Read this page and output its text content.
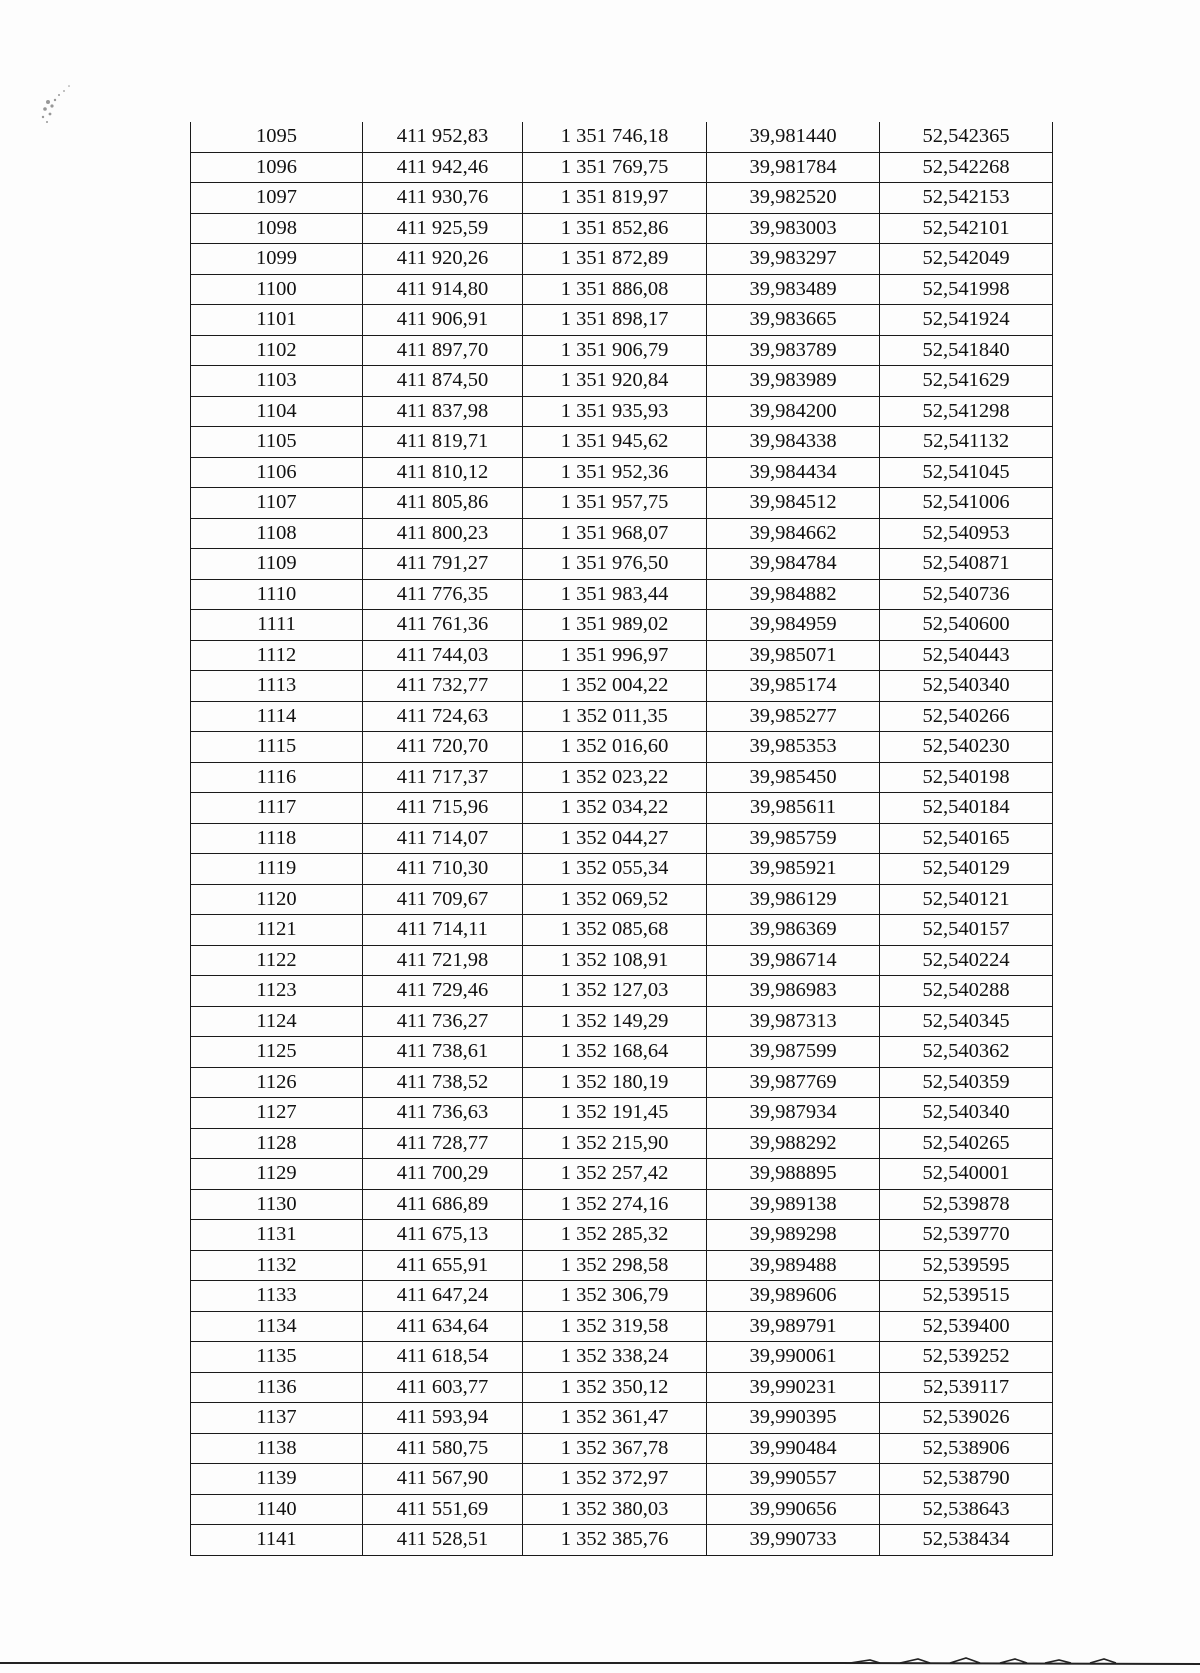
1095	411 952,83	1 351 746,18	39,981440	52,542365
1096	411 942,46	1 351 769,75	39,981784	52,542268
1097	411 930,76	1 351 819,97	39,982520	52,542153
1098	411 925,59	1 351 852,86	39,983003	52,542101
1099	411 920,26	1 351 872,89	39,983297	52,542049
1100	411 914,80	1 351 886,08	39,983489	52,541998
1101	411 906,91	1 351 898,17	39,983665	52,541924
1102	411 897,70	1 351 906,79	39,983789	52,541840
1103	411 874,50	1 351 920,84	39,983989	52,541629
1104	411 837,98	1 351 935,93	39,984200	52,541298
1105	411 819,71	1 351 945,62	39,984338	52,541132
1106	411 810,12	1 351 952,36	39,984434	52,541045
1107	411 805,86	1 351 957,75	39,984512	52,541006
1108	411 800,23	1 351 968,07	39,984662	52,540953
1109	411 791,27	1 351 976,50	39,984784	52,540871
1110	411 776,35	1 351 983,44	39,984882	52,540736
1111	411 761,36	1 351 989,02	39,984959	52,540600
1112	411 744,03	1 351 996,97	39,985071	52,540443
1113	411 732,77	1 352 004,22	39,985174	52,540340
1114	411 724,63	1 352 011,35	39,985277	52,540266
1115	411 720,70	1 352 016,60	39,985353	52,540230
1116	411 717,37	1 352 023,22	39,985450	52,540198
1117	411 715,96	1 352 034,22	39,985611	52,540184
1118	411 714,07	1 352 044,27	39,985759	52,540165
1119	411 710,30	1 352 055,34	39,985921	52,540129
1120	411 709,67	1 352 069,52	39,986129	52,540121
1121	411 714,11	1 352 085,68	39,986369	52,540157
1122	411 721,98	1 352 108,91	39,986714	52,540224
1123	411 729,46	1 352 127,03	39,986983	52,540288
1124	411 736,27	1 352 149,29	39,987313	52,540345
1125	411 738,61	1 352 168,64	39,987599	52,540362
1126	411 738,52	1 352 180,19	39,987769	52,540359
1127	411 736,63	1 352 191,45	39,987934	52,540340
1128	411 728,77	1 352 215,90	39,988292	52,540265
1129	411 700,29	1 352 257,42	39,988895	52,540001
1130	411 686,89	1 352 274,16	39,989138	52,539878
1131	411 675,13	1 352 285,32	39,989298	52,539770
1132	411 655,91	1 352 298,58	39,989488	52,539595
1133	411 647,24	1 352 306,79	39,989606	52,539515
1134	411 634,64	1 352 319,58	39,989791	52,539400
1135	411 618,54	1 352 338,24	39,990061	52,539252
1136	411 603,77	1 352 350,12	39,990231	52,539117
1137	411 593,94	1 352 361,47	39,990395	52,539026
1138	411 580,75	1 352 367,78	39,990484	52,538906
1139	411 567,90	1 352 372,97	39,990557	52,538790
1140	411 551,69	1 352 380,03	39,990656	52,538643
1141	411 528,51	1 352 385,76	39,990733	52,538434
